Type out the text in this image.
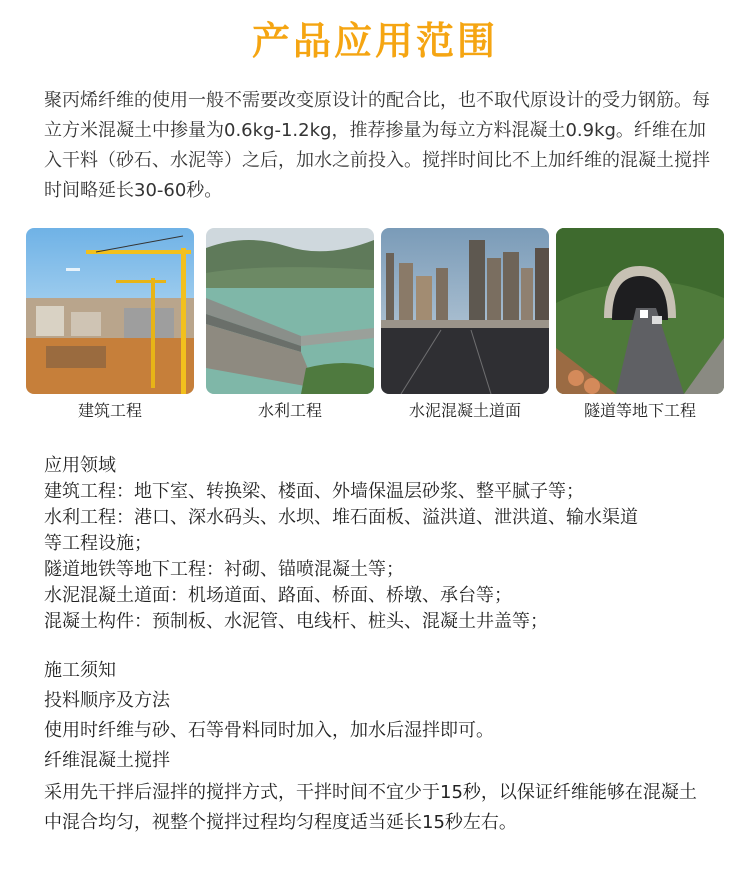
产品应用范围
聚丙烯纤维的使用一般不需要改变原设计的配合比，也不取代原设计的受力钢筋。每立方米混凝土中掺量为0.6kg-1.2kg，推荐掺量为每立方料混凝土0.9kg。纤维在加入干料（砂石、水泥等）之后，加水之前投入。搅拌时间比不上加纤维的混凝土搅拌时间略延长30-60秒。
建筑工程	水利工程	水泥混凝土道面	隧道等地下工程
应用领域
建筑工程：地下室、转换梁、楼面、外墙保温层砂浆、整平腻子等；
水利工程：港口、深水码头、水坝、堆石面板、溢洪道、泄洪道、输水渠道
等工程设施；
隧道地铁等地下工程：衬砌、锚喷混凝土等；
水泥混凝土道面：机场道面、路面、桥面、桥墩、承台等；
混凝土构件：预制板、水泥管、电线杆、桩头、混凝土井盖等；
施工须知
投料顺序及方法
使用时纤维与砂、石等骨料同时加入，加水后湿拌即可。
纤维混凝土搅拌
采用先干拌后湿拌的搅拌方式，干拌时间不宜少于15秒，以保证纤维能够在混凝土中混合均匀，视整个搅拌过程均匀程度适当延长15秒左右。
